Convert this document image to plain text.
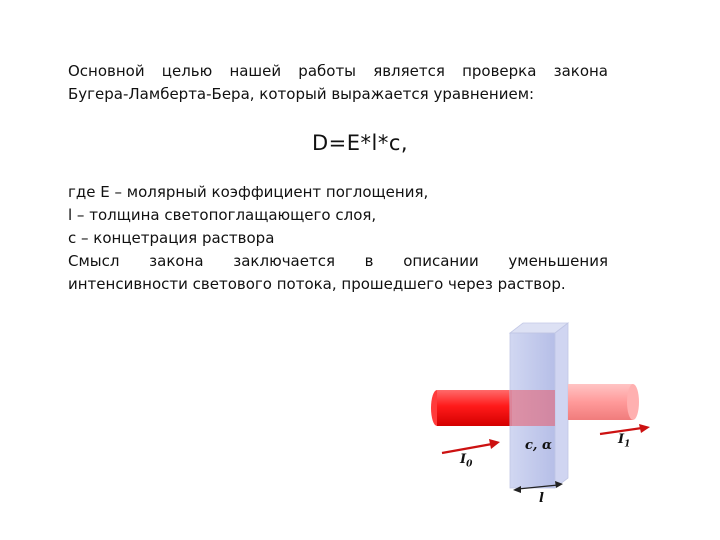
Основной целью нашей работы является проверка закона
Бугера-Ламберта-Бера, который выражается уравнением:
D=E*l*c,
где E – молярный коэффициент поглощения,
l – толщина светопоглащающего слоя,
c – концетрация раствора
Смысл закона заключается в описании уменьшения
интенсивности светового потока, прошедшего через раствор.
$I_0$
$I_1$
c, α
l
